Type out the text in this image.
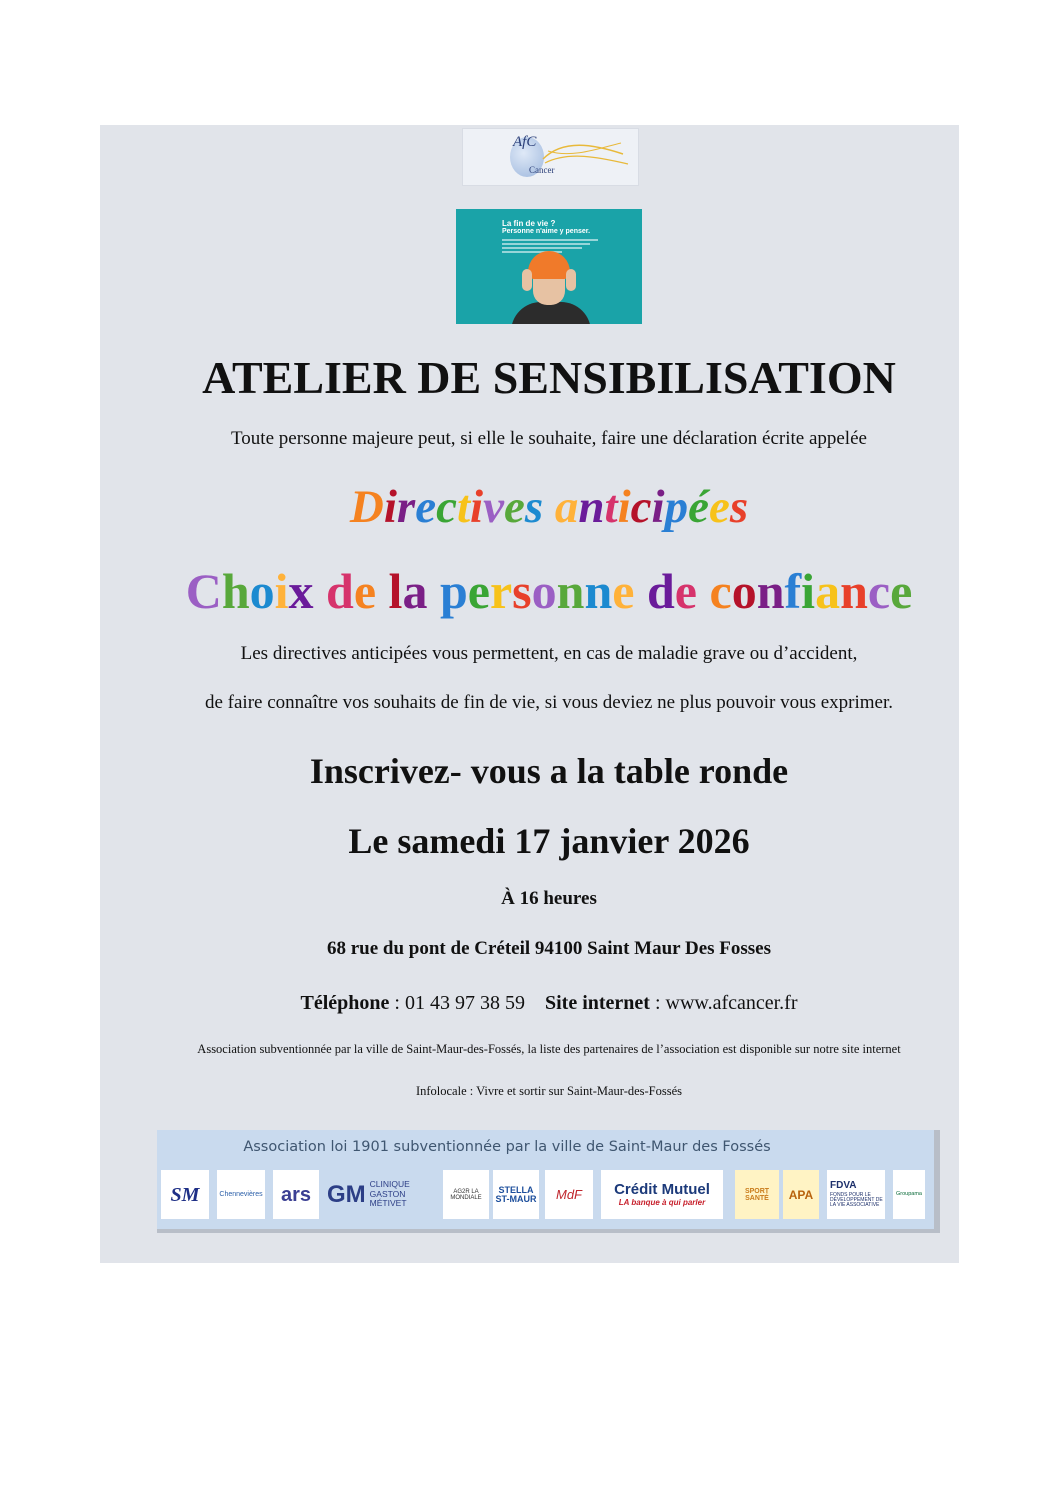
AfC
Cancer
La fin de vie ?
Personne n'aime y penser.
ATELIER DE SENSIBILISATION
Toute personne majeure peut, si elle le souhaite, faire une déclaration écrite appelée
Directives anticipées
Choix de la personne de confiance
Les directives anticipées vous permettent, en cas de maladie grave ou d’accident,
de faire connaître vos souhaits de fin de vie, si vous deviez ne plus pouvoir vous exprimer.
Inscrivez- vous a la table ronde
Le samedi 17 janvier 2026
À 16 heures
68 rue du pont de Créteil 94100 Saint Maur Des Fosses
Téléphone : 01 43 97 38 59 Site internet : www.afcancer.fr
Association subventionnée par la ville de Saint-Maur-des-Fossés, la liste des partenaires de l’association est disponible sur notre site internet
Infolocale : Vivre et sortir sur Saint-Maur-des-Fossés
Association loi 1901 subventionnée par la ville de Saint-Maur des Fossés
SM	Chennevières ars GM CLINIQUE GASTON MÉTIVET
AG2R LA MONDIALE
STELLA ST-MAUR MdF Crédit Mutuel
LA banque à qui parler
SPORT SANTÉ	APA
FDVA
FONDS POUR LE DÉVELOPPEMENT DE LA VIE ASSOCIATIVE
Groupama
